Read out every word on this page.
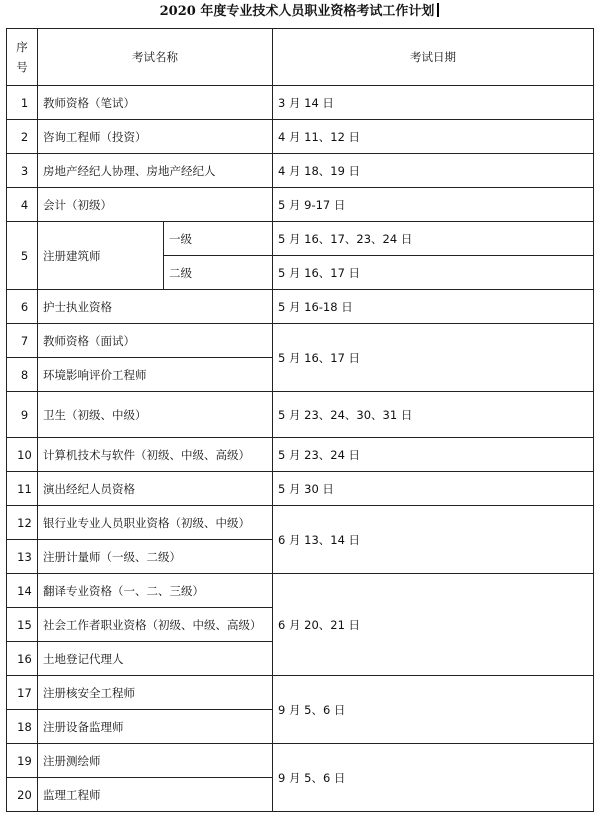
2020 年度专业技术人员职业资格考试工作计划
序
号	考试名称		考试日期
1	教师资格（笔试）		3 月 14 日
2	咨询工程师（投资）		4 月 11、12 日
3	房地产经纪人协理、房地产经纪人		4 月 18、19 日
4	会计（初级）		5 月 9-17 日
5	注册建筑师	一级	5 月 16、17、23、24 日
		二级	5 月 16、17 日
6	护士执业资格		5 月 16-18 日
7	教师资格（面试）		5 月 16、17 日
8	环境影响评价工程师		
9	卫生（初级、中级）		5 月 23、24、30、31 日
10	计算机技术与软件（初级、中级、高级）		5 月 23、24 日
11	演出经纪人员资格		5 月 30 日
12	银行业专业人员职业资格（初级、中级）		6 月 13、14 日
13	注册计量师（一级、二级）		
14	翻译专业资格（一、二、三级）		6 月 20、21 日
15	社会工作者职业资格（初级、中级、高级）		
16	土地登记代理人		
17	注册核安全工程师		9 月 5、6 日
18	注册设备监理师		
19	注册测绘师		9 月 5、6 日
20	监理工程师		
